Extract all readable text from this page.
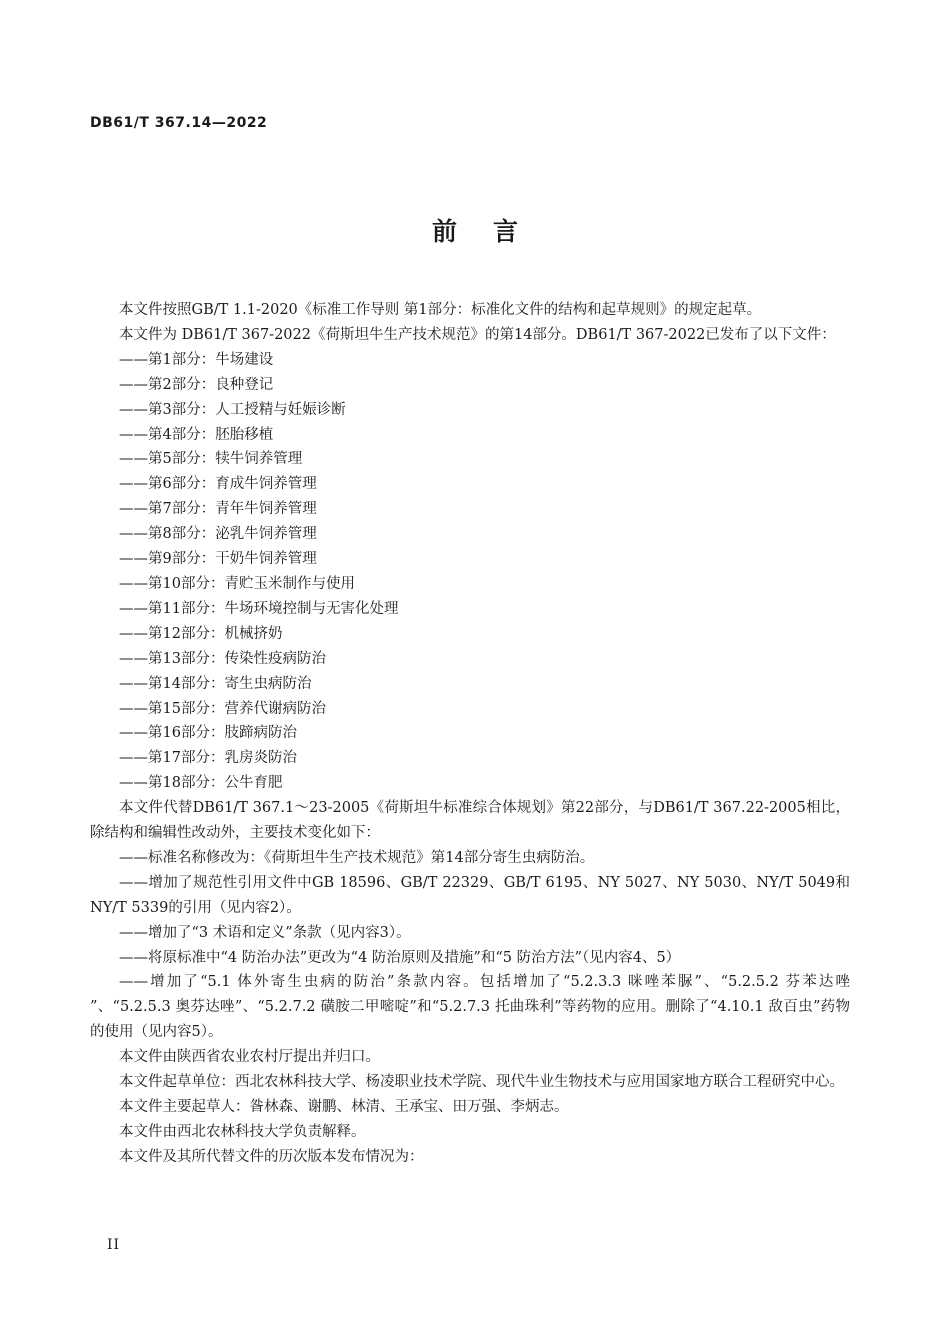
DB61/T 367.14—2022
前言

本文件按照GB/T 1.1-2020《标准工作导则 第1部分：标准化文件的结构和起草规则》的规定起草。

本文件为 DB61/T 367-2022《荷斯坦牛生产技术规范》的第14部分。DB61/T 367-2022已发布了以下文件：

——第1部分：牛场建设

——第2部分：良种登记

——第3部分：人工授精与妊娠诊断

——第4部分：胚胎移植

——第5部分：犊牛饲养管理

——第6部分：育成牛饲养管理

——第7部分：青年牛饲养管理

——第8部分：泌乳牛饲养管理

——第9部分：干奶牛饲养管理

——第10部分：青贮玉米制作与使用

——第11部分：牛场环境控制与无害化处理

——第12部分：机械挤奶

——第13部分：传染性疫病防治

——第14部分：寄生虫病防治

——第15部分：营养代谢病防治

——第16部分：肢蹄病防治

——第17部分：乳房炎防治

——第18部分：公牛育肥

本文件代替DB61/T 367.1～23-2005《荷斯坦牛标准综合体规划》第22部分，与DB61/T 367.22-2005相比，除结构和编辑性改动外，主要技术变化如下：

——标准名称修改为：《荷斯坦牛生产技术规范》第14部分寄生虫病防治。

——增加了规范性引用文件中GB 18596、GB/T 22329、GB/T 6195、NY 5027、NY 5030、NY/T 5049和NY/T 5339的引用（见内容2）。

——增加了“3 术语和定义”条款（见内容3）。

——将原标准中“4 防治办法”更改为“4 防治原则及措施”和“5 防治方法”（见内容4、5）

——增加了“5.1 体外寄生虫病的防治”条款内容。包括增加了“5.2.3.3 咪唑苯脲”、“5.2.5.2 芬苯达唑 ”、“5.2.5.3 奥芬达唑”、“5.2.7.2 磺胺二甲嘧啶”和“5.2.7.3 托曲珠利”等药物的应用。删除了“4.10.1 敌百虫”药物的使用（见内容5）。

本文件由陕西省农业农村厅提出并归口。

本文件起草单位：西北农林科技大学、杨凌职业技术学院、现代牛业生物技术与应用国家地方联合工程研究中心。

本文件主要起草人：昝林森、谢鹏、林清、王承宝、田万强、李炳志。

本文件由西北农林科技大学负责解释。

本文件及其所代替文件的历次版本发布情况为：

II
